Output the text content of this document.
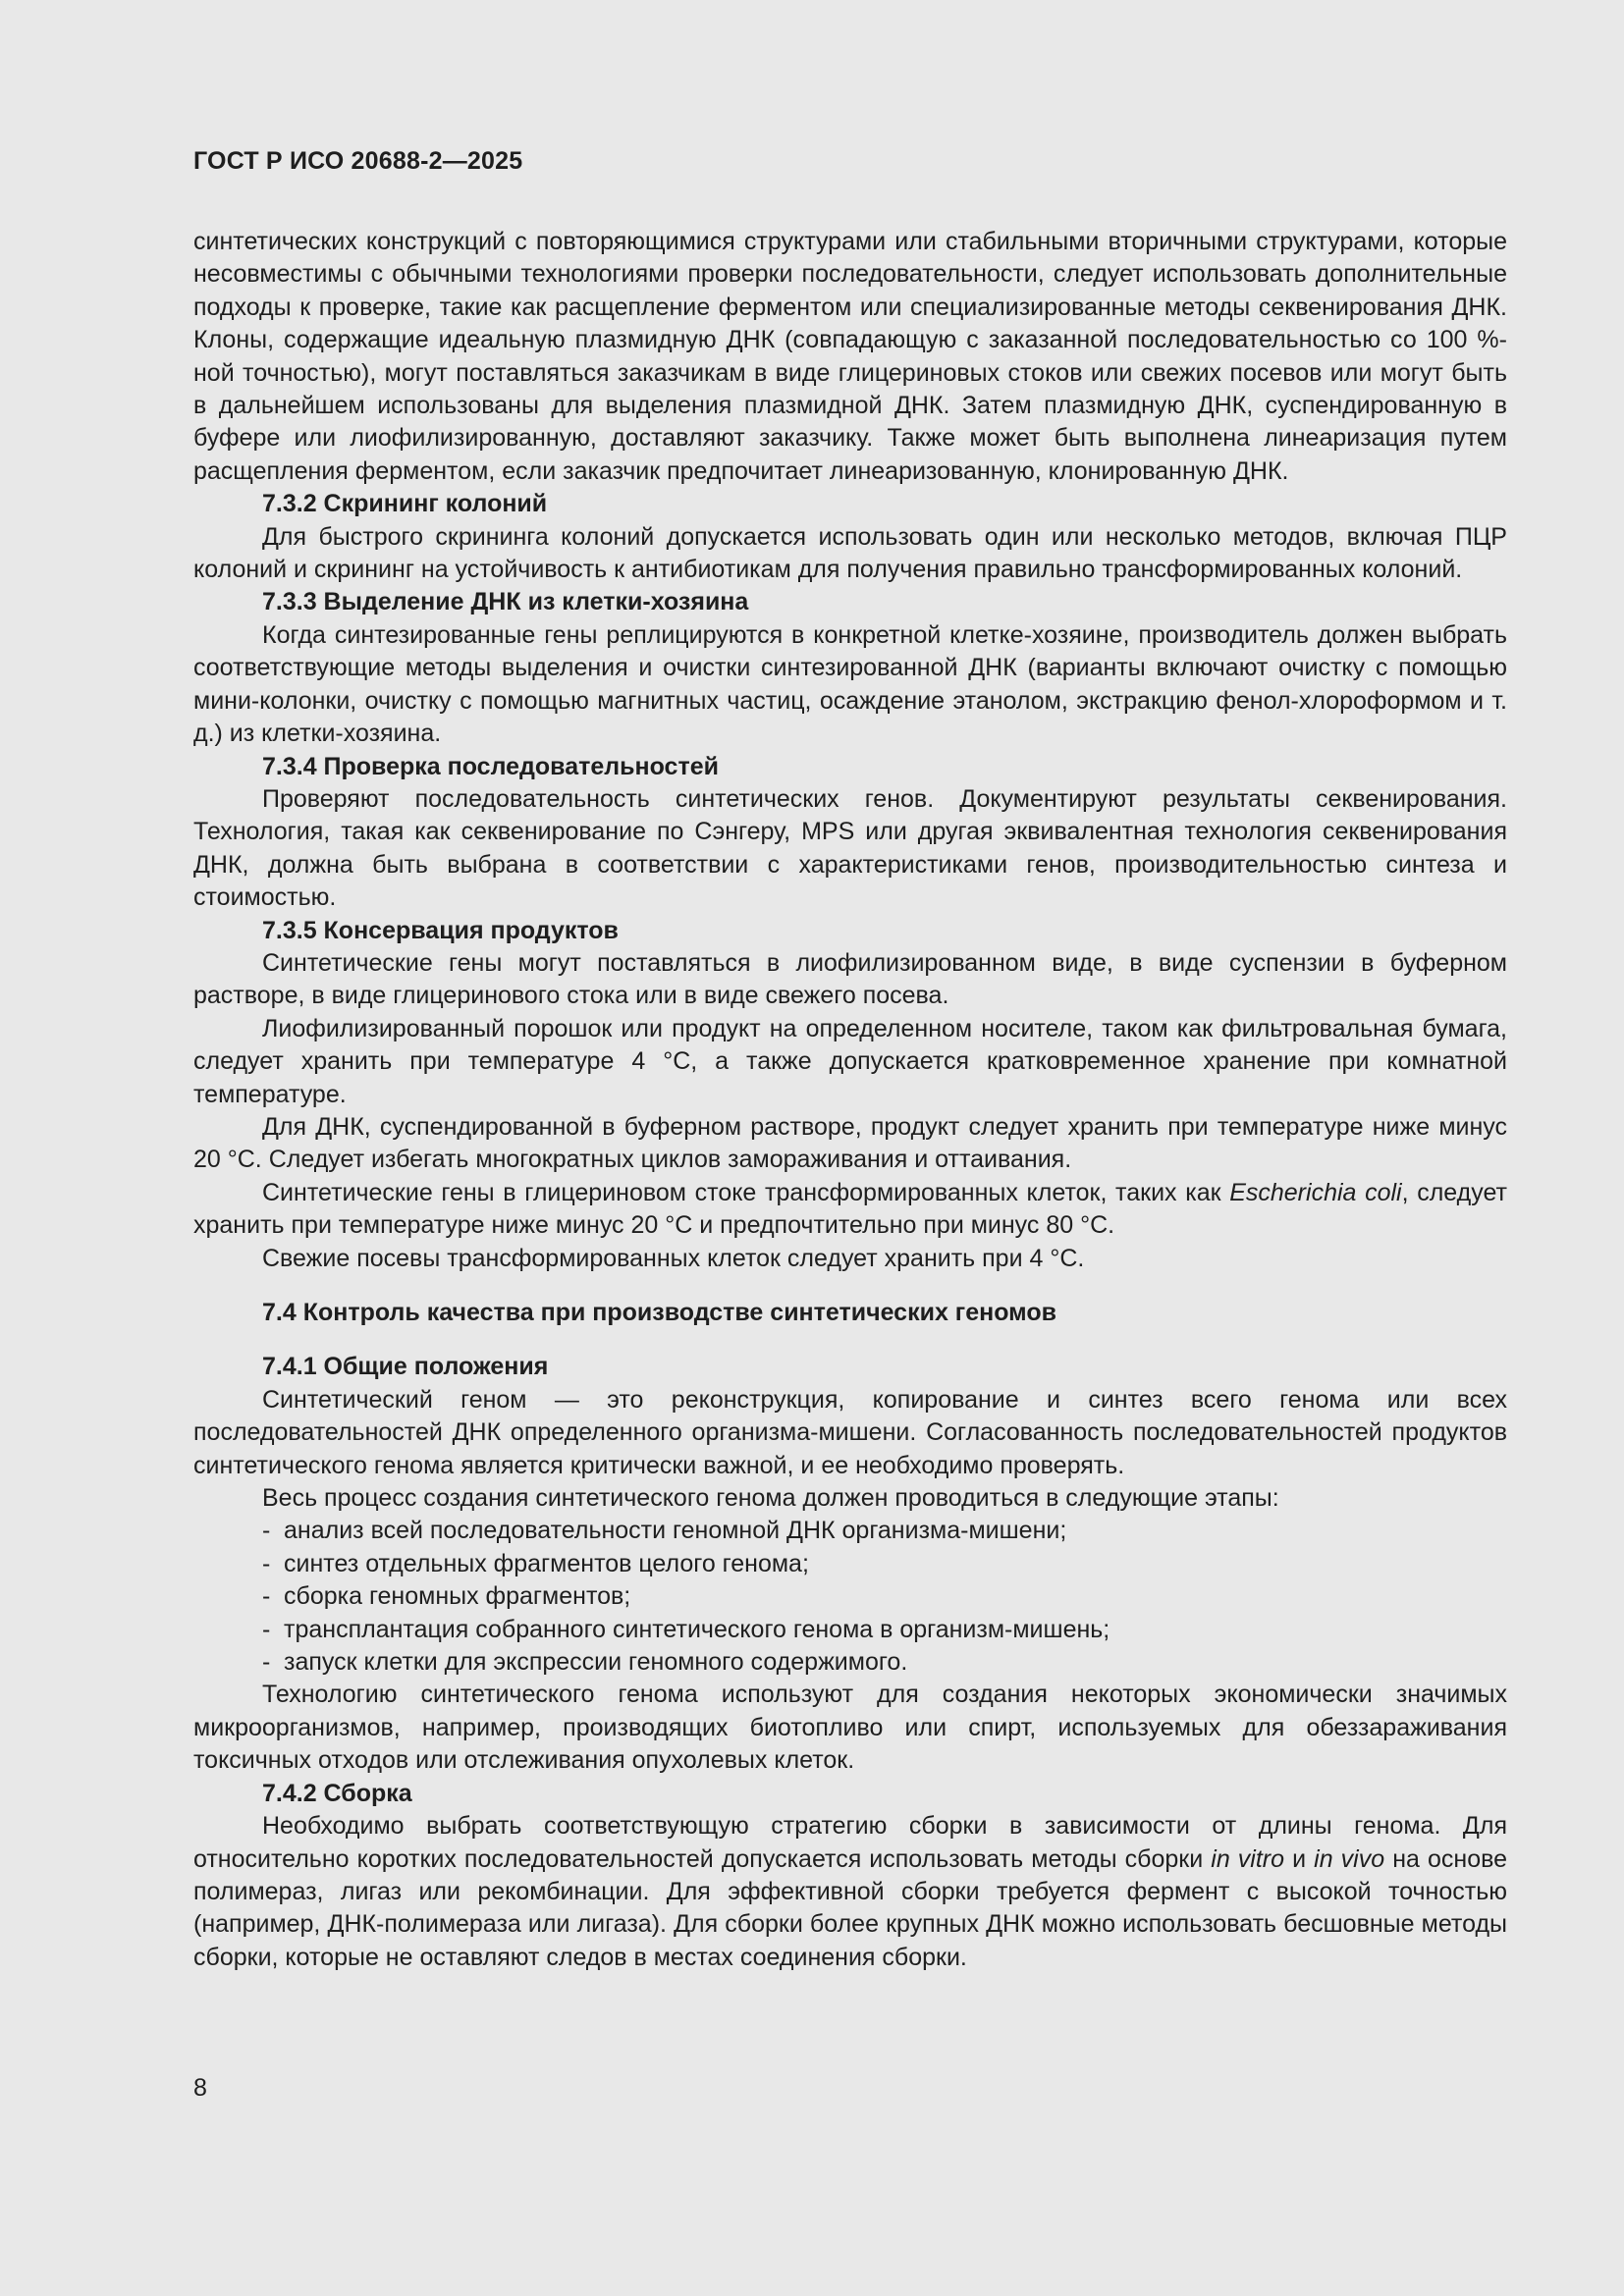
ГОСТ Р ИСО 20688-2—2025

синтетических конструкций с повторяющимися структурами или стабильными вторичными структурами, которые несовместимы с обычными технологиями проверки последовательности, следует использовать дополнительные подходы к проверке, такие как расщепление ферментом или специализированные методы секвенирования ДНК. Клоны, содержащие идеальную плазмидную ДНК (совпадающую с заказанной последовательностью со 100 %-ной точностью), могут поставляться заказчикам в виде глицериновых стоков или свежих посевов или могут быть в дальнейшем использованы для выделения плазмидной ДНК. Затем плазмидную ДНК, суспендированную в буфере или лиофилизированную, доставляют заказчику. Также может быть выполнена линеаризация путем расщепления ферментом, если заказчик предпочитает линеаризованную, клонированную ДНК.

7.3.2 Скрининг колоний

Для быстрого скрининга колоний допускается использовать один или несколько методов, включая ПЦР колоний и скрининг на устойчивость к антибиотикам для получения правильно трансформированных колоний.

7.3.3 Выделение ДНК из клетки-хозяина

Когда синтезированные гены реплицируются в конкретной клетке-хозяине, производитель должен выбрать соответствующие методы выделения и очистки синтезированной ДНК (варианты включают очистку с помощью мини-колонки, очистку с помощью магнитных частиц, осаждение этанолом, экстракцию фенол-хлороформом и т. д.) из клетки-хозяина.

7.3.4 Проверка последовательностей

Проверяют последовательность синтетических генов. Документируют результаты секвенирования. Технология, такая как секвенирование по Сэнгеру, MPS или другая эквивалентная технология секвенирования ДНК, должна быть выбрана в соответствии с характеристиками генов, производительностью синтеза и стоимостью.

7.3.5 Консервация продуктов

Синтетические гены могут поставляться в лиофилизированном виде, в виде суспензии в буферном растворе, в виде глицеринового стока или в виде свежего посева.

Лиофилизированный порошок или продукт на определенном носителе, таком как фильтровальная бумага, следует хранить при температуре 4 °С, а также допускается кратковременное хранение при комнатной температуре.

Для ДНК, суспендированной в буферном растворе, продукт следует хранить при температуре ниже минус 20 °С. Следует избегать многократных циклов замораживания и оттаивания.

Синтетические гены в глицериновом стоке трансформированных клеток, таких как Escherichia coli, следует хранить при температуре ниже минус 20 °С и предпочтительно при минус 80 °С.

Свежие посевы трансформированных клеток следует хранить при 4 °С.

7.4 Контроль качества при производстве синтетических геномов

7.4.1 Общие положения

Синтетический геном — это реконструкция, копирование и синтез всего генома или всех последовательностей ДНК определенного организма-мишени. Согласованность последовательностей продуктов синтетического генома является критически важной, и ее необходимо проверять.

Весь процесс создания синтетического генома должен проводиться в следующие этапы:

- анализ всей последовательности геномной ДНК организма-мишени;
- синтез отдельных фрагментов целого генома;
- сборка геномных фрагментов;
- трансплантация собранного синтетического генома в организм-мишень;
- запуск клетки для экспрессии геномного содержимого.

Технологию синтетического генома используют для создания некоторых экономически значимых микроорганизмов, например, производящих биотопливо или спирт, используемых для обеззараживания токсичных отходов или отслеживания опухолевых клеток.

7.4.2 Сборка

Необходимо выбрать соответствующую стратегию сборки в зависимости от длины генома. Для относительно коротких последовательностей допускается использовать методы сборки in vitro и in vivo на основе полимераз, лигаз или рекомбинации. Для эффективной сборки требуется фермент с высокой точностью (например, ДНК-полимераза или лигаза). Для сборки более крупных ДНК можно использовать бесшовные методы сборки, которые не оставляют следов в местах соединения сборки.

8
